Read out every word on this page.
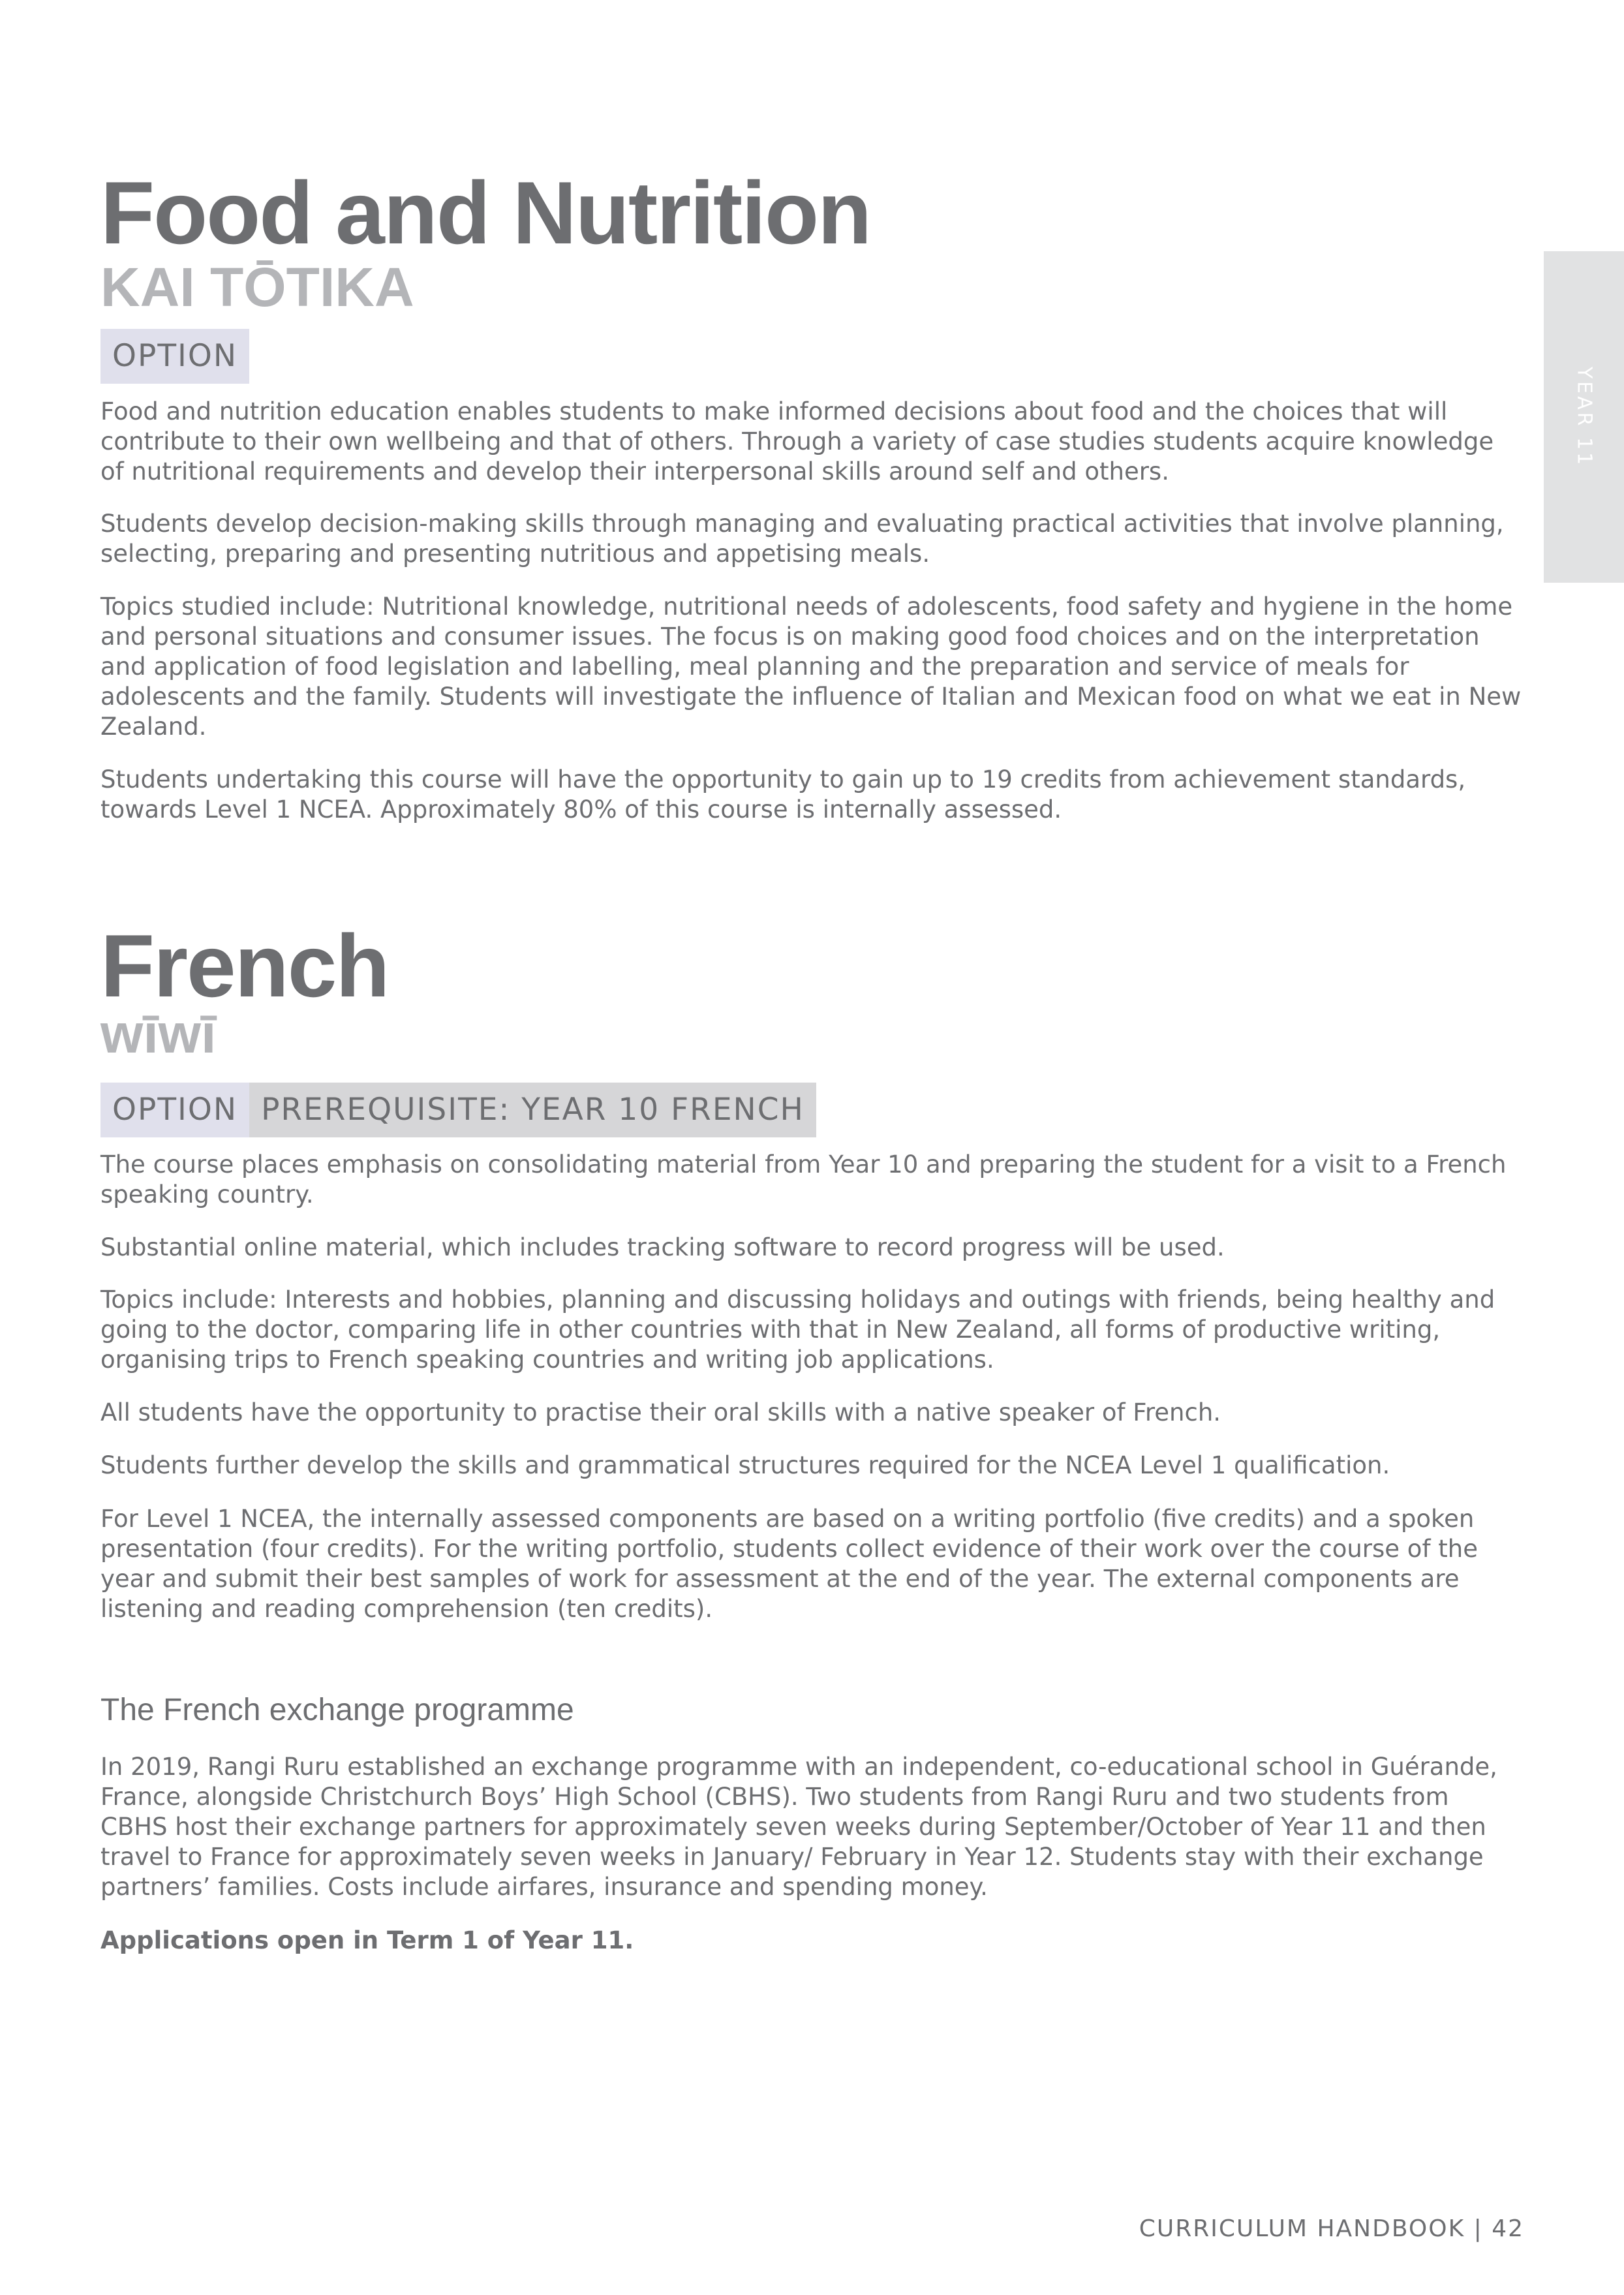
YEAR 11
Food and Nutrition
KAI TŌTIKA
OPTION

Food and nutrition education enables students to make informed decisions about food and the choices that will contribute to their own wellbeing and that of others. Through a variety of case studies students acquire knowledge of nutritional requirements and develop their interpersonal skills around self and others.

Students develop decision-making skills through managing and evaluating practical activities that involve planning, selecting, preparing and presenting nutritious and appetising meals.

Topics studied include: Nutritional knowledge, nutritional needs of adolescents, food safety and hygiene in the home and personal situations and consumer issues. The focus is on making good food choices and on the interpretation and application of food legislation and labelling, meal planning and the preparation and service of meals for adolescents and the family. Students will investigate the influence of Italian and Mexican food on what we eat in New Zealand.

Students undertaking this course will have the opportunity to gain up to 19 credits from achievement standards, towards Level 1 NCEA. Approximately 80% of this course is internally assessed.

French
wīwī
OPTION PREREQUISITE: YEAR 10 FRENCH

The course places emphasis on consolidating material from Year 10 and preparing the student for a visit to a French speaking country.

Substantial online material, which includes tracking software to record progress will be used.

Topics include: Interests and hobbies, planning and discussing holidays and outings with friends, being healthy and going to the doctor, comparing life in other countries with that in New Zealand, all forms of productive writing, organising trips to French speaking countries and writing job applications.

All students have the opportunity to practise their oral skills with a native speaker of French.

Students further develop the skills and grammatical structures required for the NCEA Level 1 qualification.

For Level 1 NCEA, the internally assessed components are based on a writing portfolio (five credits) and a spoken presentation (four credits). For the writing portfolio, students collect evidence of their work over the course of the year and submit their best samples of work for assessment at the end of the year. The external components are listening and reading comprehension (ten credits).

The French exchange programme

In 2019, Rangi Ruru established an exchange programme with an independent, co-educational school in Guérande, France, alongside Christchurch Boys’ High School (CBHS). Two students from Rangi Ruru and two students from CBHS host their exchange partners for approximately seven weeks during September/October of Year 11 and then travel to France for approximately seven weeks in January/ February in Year 12. Students stay with their exchange partners’ families. Costs include airfares, insurance and spending money.

Applications open in Term 1 of Year 11.

CURRICULUM HANDBOOK | 42
